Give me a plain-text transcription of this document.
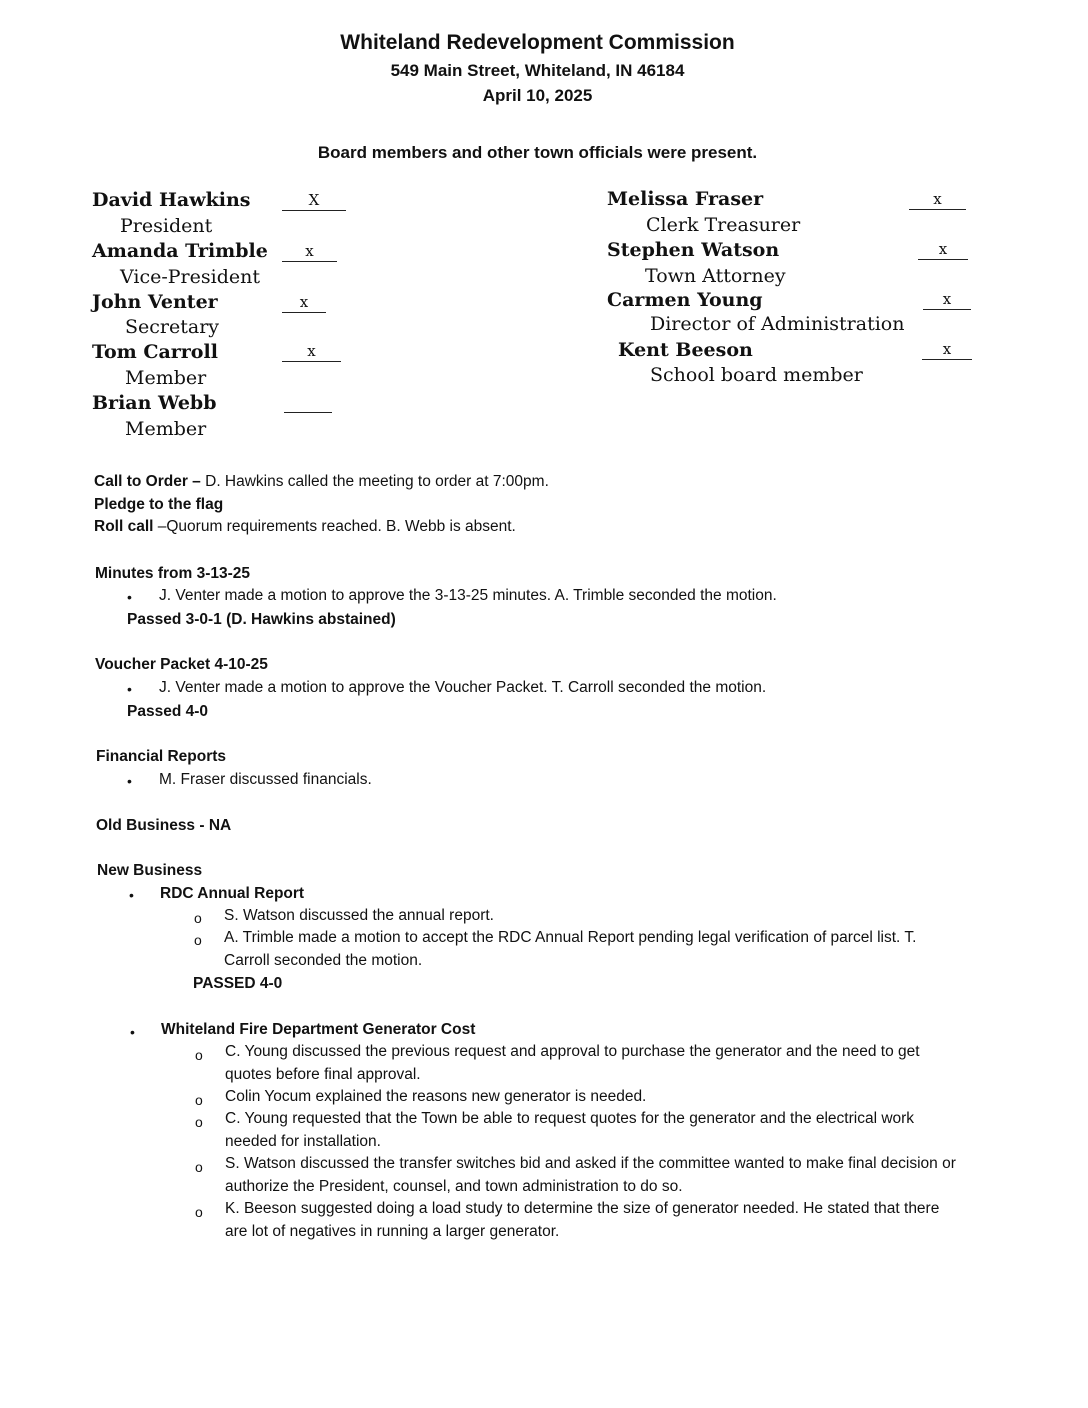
Whiteland Redevelopment Commission
549 Main Street, Whiteland, IN 46184
April 10, 2025
Board members and other town officials were present.
David Hawkins
President
X
Amanda Trimble
Vice-President
x
John Venter
Secretary
x
Tom Carroll
Member
x
Brian Webb
Member
Melissa Fraser
Clerk Treasurer
x
Stephen Watson
Town Attorney
x
Carmen Young
Director of Administration
x
Kent Beeson
School board member
x
Call to Order – D. Hawkins called the meeting to order at 7:00pm.
Pledge to the flag
Roll call –Quorum requirements reached. B. Webb is absent.
Minutes from 3-13-25
• J. Venter made a motion to approve the 3-13-25 minutes. A. Trimble seconded the motion.
Passed 3-0-1 (D. Hawkins abstained)
Voucher Packet 4-10-25
• J. Venter made a motion to approve the Voucher Packet. T. Carroll seconded the motion.
Passed 4-0
Financial Reports
• M. Fraser discussed financials.
Old Business - NA
New Business
• RDC Annual Report
o S. Watson discussed the annual report.
o A. Trimble made a motion to accept the RDC Annual Report pending legal verification of parcel list. T.
Carroll seconded the motion.
PASSED 4-0
• Whiteland Fire Department Generator Cost
o C. Young discussed the previous request and approval to purchase the generator and the need to get
quotes before final approval.
o Colin Yocum explained the reasons new generator is needed.
o C. Young requested that the Town be able to request quotes for the generator and the electrical work
needed for installation.
o S. Watson discussed the transfer switches bid and asked if the committee wanted to make final decision or
authorize the President, counsel, and town administration to do so.
o K. Beeson suggested doing a load study to determine the size of generator needed. He stated that there
are lot of negatives in running a larger generator.
